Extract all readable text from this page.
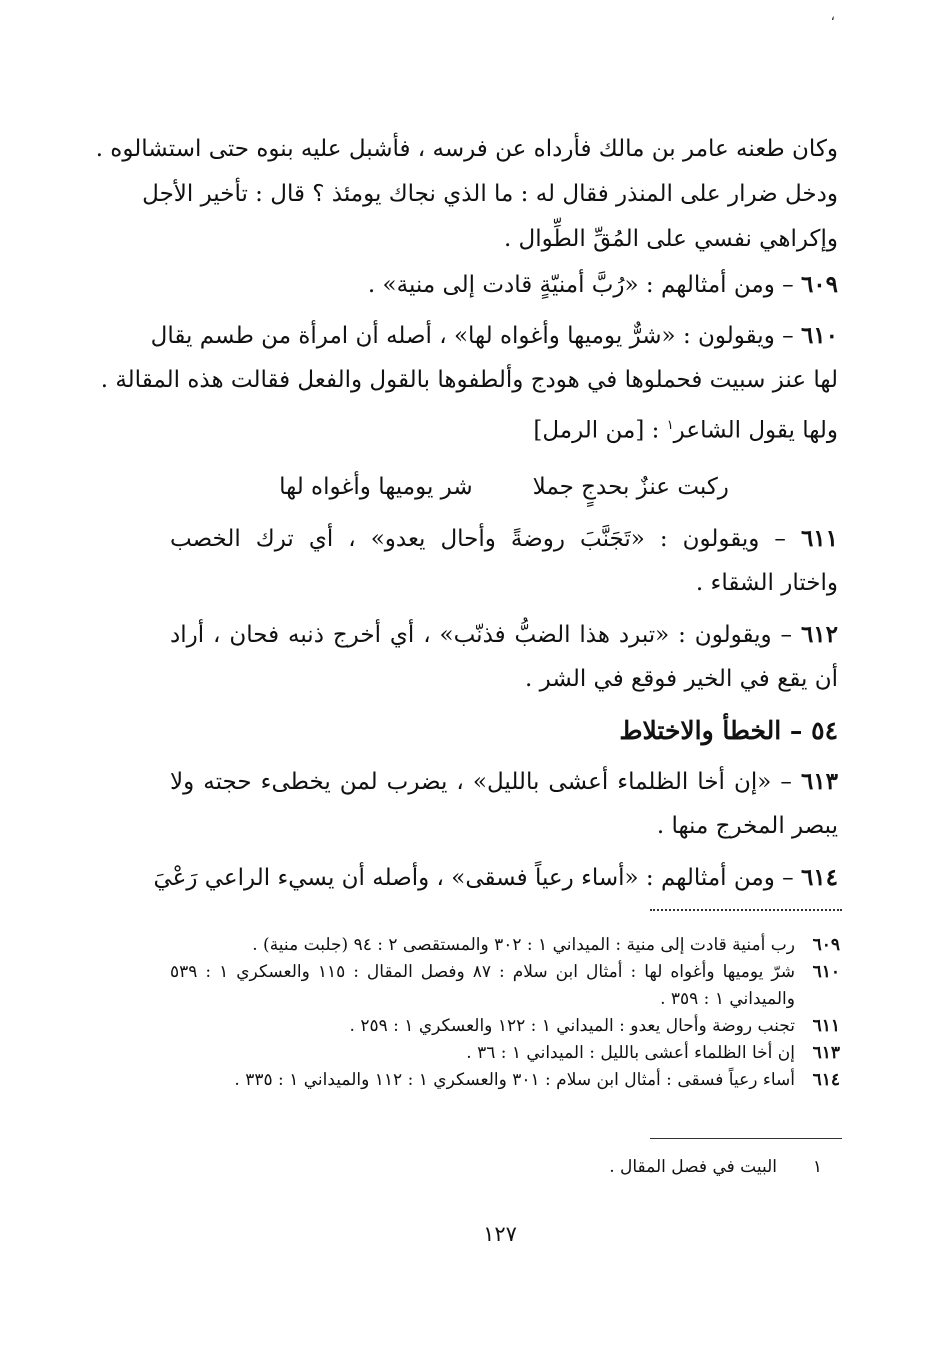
،
وكان طعنه عامر بن مالك فأرداه عن فرسه ، فأشبل عليه بنوه حتى استشالوه .
ودخل ضرار على المنذر فقال له : ما الذي نجاك يومئذ ؟ قال : تأخير الأجل
وإكراهي نفسي على المُقِّ الطِّوال .
٦٠٩ – ومن أمثالهم : «رُبَّ أمنيّةٍ قادت إلى منية» .
٦١٠ – ويقولون : «شرٌّ يوميها وأغواه لها» ، أصله أن امرأة من طسم يقال
لها عنز سبيت فحملوها في هودج وألطفوها بالقول والفعل فقالت هذه المقالة .
ولها يقول الشاعر$^١$ : [من الرمل]
ركبت عنزٌ بحدجٍ جملا
شر يوميها وأغواه لها
٦١١ – ويقولون : «تَجَنَّبَ روضةً وأحال يعدو» ، أي ترك الخصب
واختار الشقاء .
٦١٢ – ويقولون : «تبرد هذا الضبُّ فذنّب» ، أي أخرج ذنبه فحان ، أراد
أن يقع في الخير فوقع في الشر .
٥٤ – الخطأ والاختلاط
٦١٣ – «إن أخا الظلماء أعشى بالليل» ، يضرب لمن يخطىء حجته ولا
يبصر المخرج منها .
٦١٤ – ومن أمثالهم : «أساء رعياً فسقى» ، وأصله أن يسيء الراعي رَعْيَ
٦٠٩
رب أمنية قادت إلى منية : الميداني ١ : ٣٠٢ والمستقصى ٢ : ٩٤ (جلبت منية) .
٦١٠
شرّ يوميها وأغواه لها : أمثال ابن سلام : ٨٧ وفصل المقال : ١١٥ والعسكري ١ : ٥٣٩
والميداني ١ : ٣٥٩ .
٦١١
تجنب روضة وأحال يعدو : الميداني ١ : ١٢٢ والعسكري ١ : ٢٥٩ .
٦١٣
إن أخا الظلماء أعشى بالليل : الميداني ١ : ٣٦ .
٦١٤
أساء رعياً فسقى : أمثال ابن سلام : ٣٠١ والعسكري ١ : ١١٢ والميداني ١ : ٣٣٥ .
١
البيت في فصل المقال .
١٢٧
